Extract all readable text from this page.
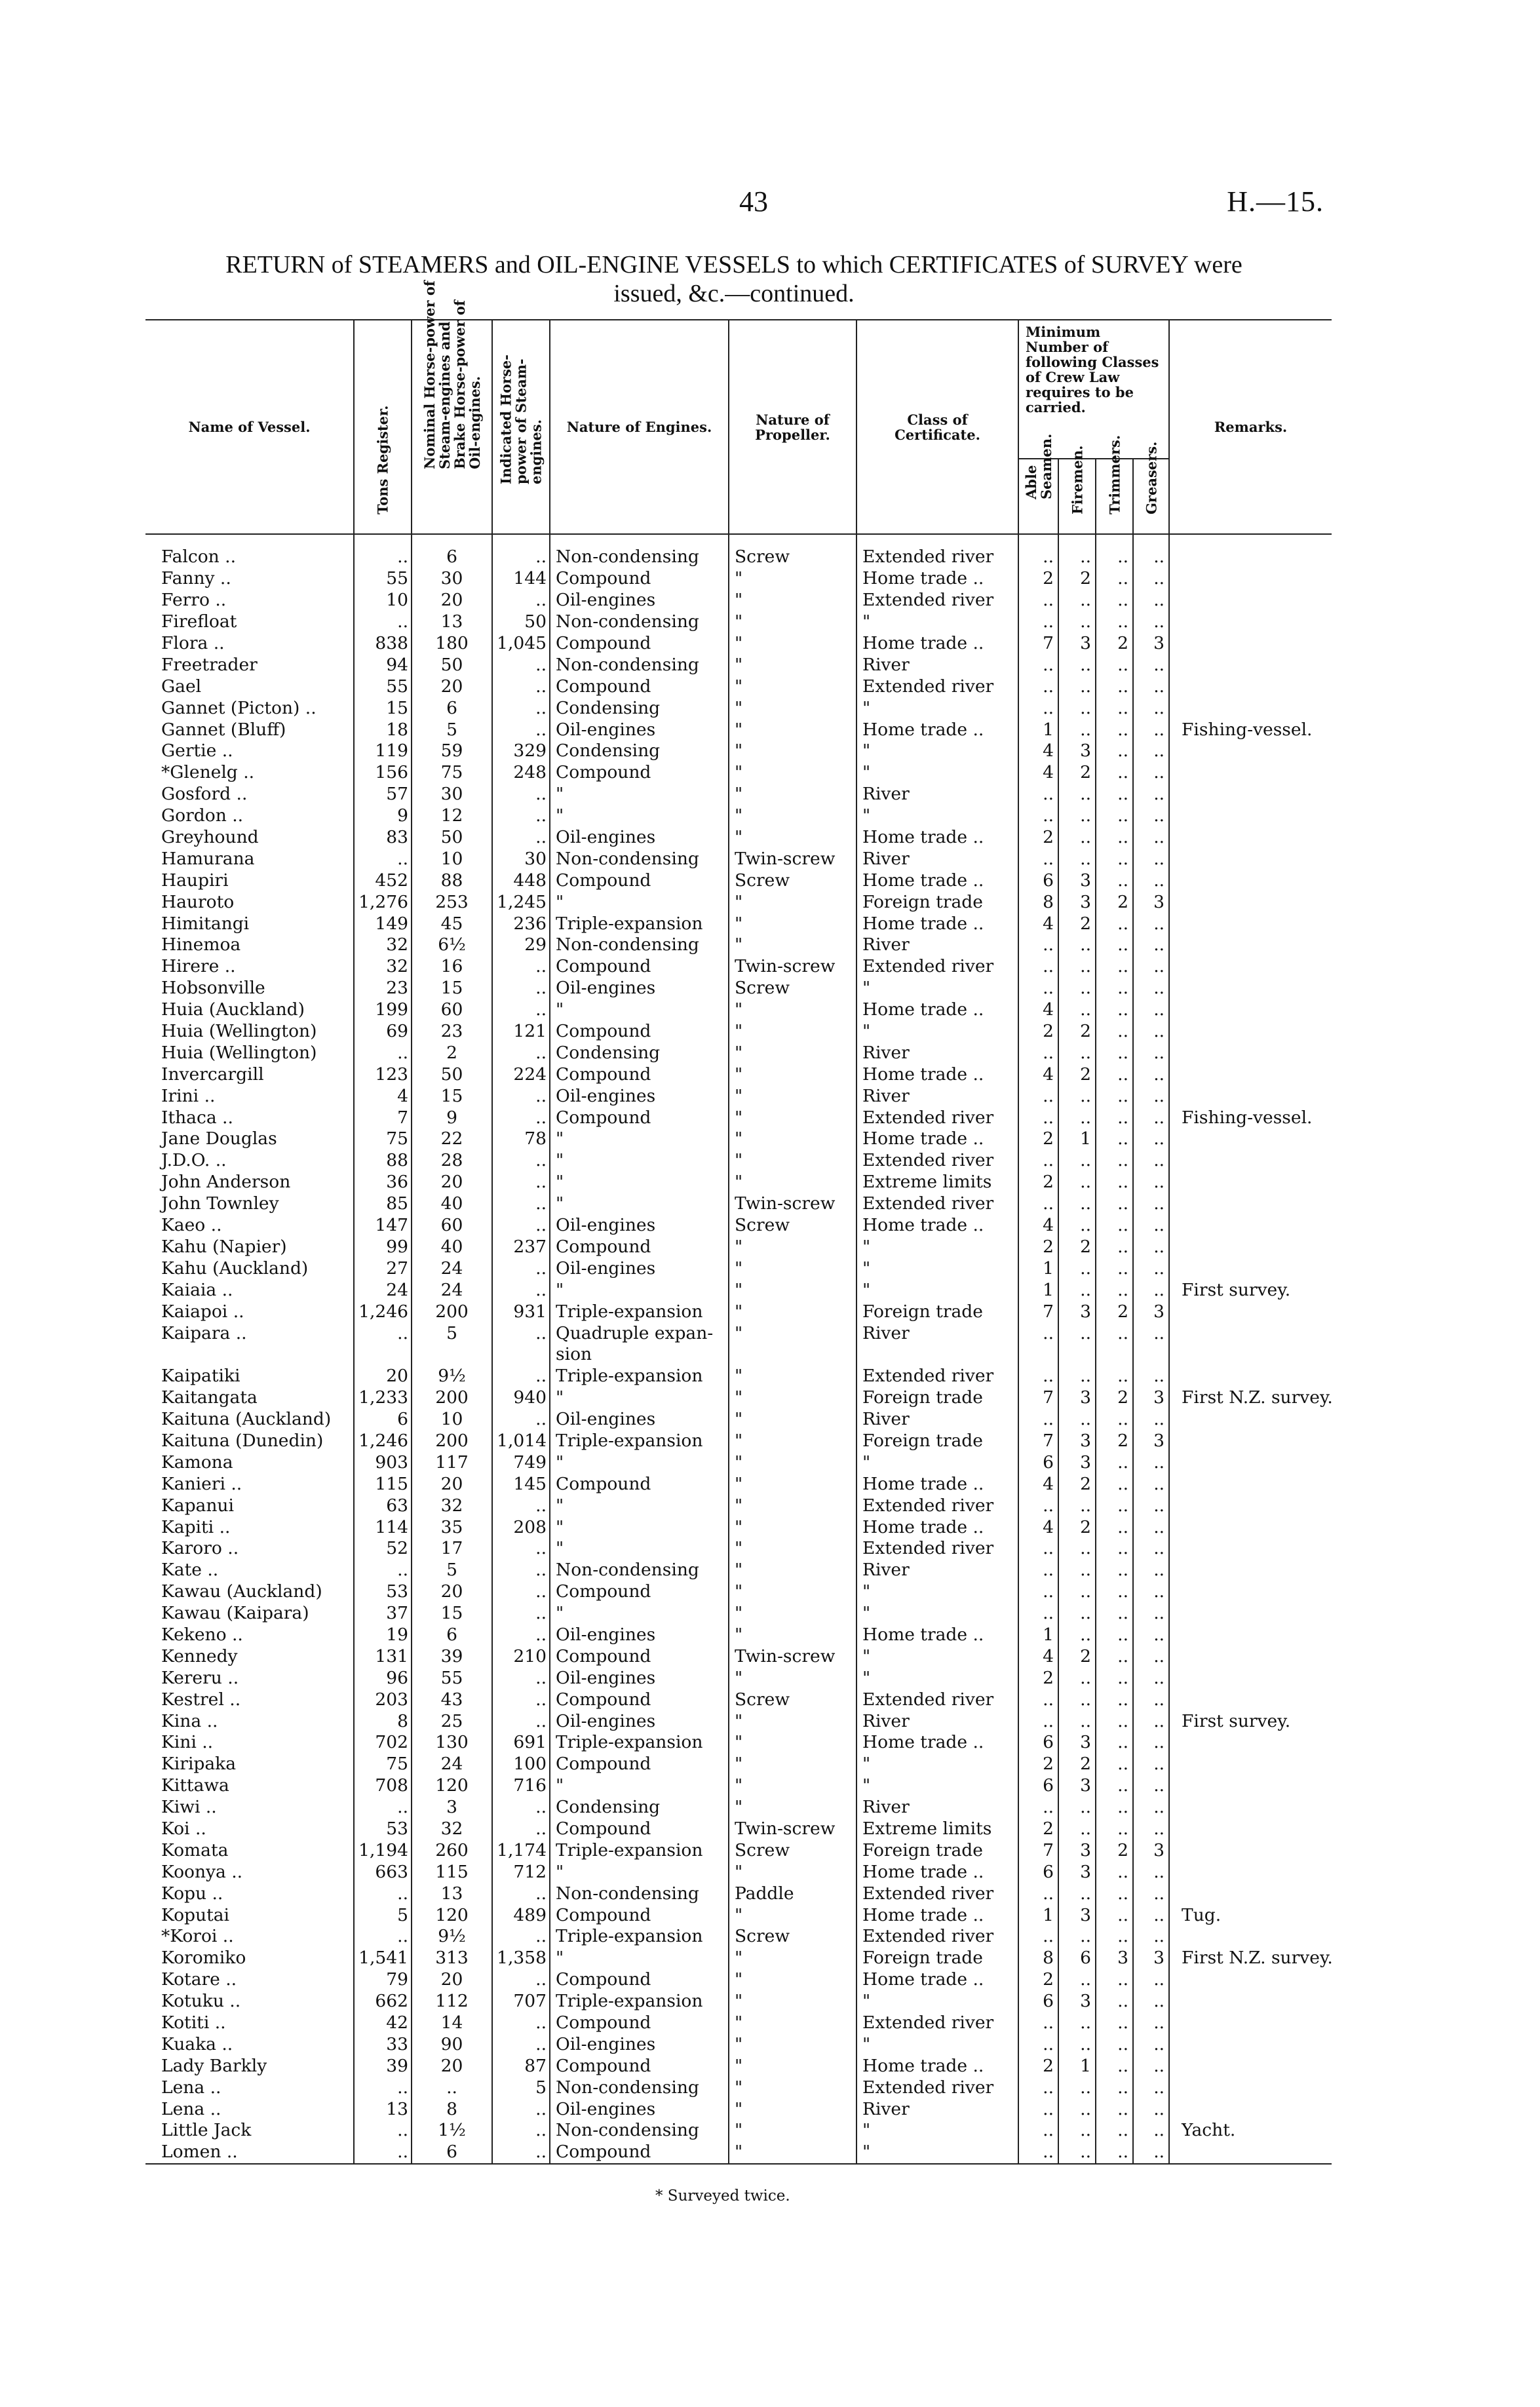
43	H.—15.
RETURN of STEAMERS and OIL-ENGINE VESSELS to which CERTIFICATES of SURVEY were
issued, &c.—continued.
Name of Vessel.	Tons Register.	Nominal Horse-power of Steam-engines and Brake Horse-power of Oil-engines.	Indicated Horse-power of Steam-engines.	Nature of Engines.	Nature of Propeller.	Class of Certificate.	Minimum Number of following Classes of Crew Law requires to be carried.				Remarks.

							Able Seamen.	Firemen.	Trimmers.	Greasers.	

Falcon ..	..	6	..	Non-condensing	Screw	Extended river	..	..	..	..	
Fanny ..	55	30	144	Compound	"	Home trade ..	2	2	..	..	
Ferro ..	10	20	..	Oil-engines	"	Extended river	..	..	..	..	
Firefloat	..	13	50	Non-condensing	"	"	..	..	..	..	
Flora ..	838	180	1,045	Compound	"	Home trade ..	7	3	2	3	
Freetrader	94	50	..	Non-condensing	"	River	..	..	..	..	
Gael	55	20	..	Compound	"	Extended river	..	..	..	..	
Gannet (Picton) ..	15	6	..	Condensing	"	"	..	..	..	..	
Gannet (Bluff)	18	5	..	Oil-engines	"	Home trade ..	1	..	..	..	Fishing-vessel.
Gertie ..	119	59	329	Condensing	"	"	4	3	..	..	
*Glenelg ..	156	75	248	Compound	"	"	4	2	..	..	
Gosford ..	57	30	..	"	"	River	..	..	..	..	
Gordon ..	9	12	..	"	"	"	..	..	..	..	
Greyhound	83	50	..	Oil-engines	"	Home trade ..	2	..	..	..	
Hamurana	..	10	30	Non-condensing	Twin-screw	River	..	..	..	..	
Haupiri	452	88	448	Compound	Screw	Home trade ..	6	3	..	..	
Hauroto	1,276	253	1,245	"	"	Foreign trade	8	3	2	3	
Himitangi	149	45	236	Triple-expansion	"	Home trade ..	4	2	..	..	
Hinemoa	32	6½	29	Non-condensing	"	River	..	..	..	..	
Hirere ..	32	16	..	Compound	Twin-screw	Extended river	..	..	..	..	
Hobsonville	23	15	..	Oil-engines	Screw	"	..	..	..	..	
Huia (Auckland)	199	60	..	"	"	Home trade ..	4	..	..	..	
Huia (Wellington)	69	23	121	Compound	"	"	2	2	..	..	
Huia (Wellington)	..	2	..	Condensing	"	River	..	..	..	..	
Invercargill	123	50	224	Compound	"	Home trade ..	4	2	..	..	
Irini ..	4	15	..	Oil-engines	"	River	..	..	..	..	
Ithaca ..	7	9	..	Compound	"	Extended river	..	..	..	..	Fishing-vessel.
Jane Douglas	75	22	78	"	"	Home trade ..	2	1	..	..	
J.D.O. ..	88	28	..	"	"	Extended river	..	..	..	..	
John Anderson	36	20	..	"	"	Extreme limits	2	..	..	..	
John Townley	85	40	..	"	Twin-screw	Extended river	..	..	..	..	
Kaeo ..	147	60	..	Oil-engines	Screw	Home trade ..	4	..	..	..	
Kahu (Napier)	99	40	237	Compound	"	"	2	2	..	..	
Kahu (Auckland)	27	24	..	Oil-engines	"	"	1	..	..	..	
Kaiaia ..	24	24	..	"	"	"	1	..	..	..	First survey.
Kaiapoi ..	1,246	200	931	Triple-expansion	"	Foreign trade	7	3	2	3	
Kaipara ..	..	5	..	Quadruple expan-	"	River	..	..	..	..	
				sion							
Kaipatiki	20	9½	..	Triple-expansion	"	Extended river	..	..	..	..	
Kaitangata	1,233	200	940	"	"	Foreign trade	7	3	2	3	First N.Z. survey.
Kaituna (Auckland)	6	10	..	Oil-engines	"	River	..	..	..	..	
Kaituna (Dunedin)	1,246	200	1,014	Triple-expansion	"	Foreign trade	7	3	2	3	
Kamona	903	117	749	"	"	"	6	3	..	..	
Kanieri ..	115	20	145	Compound	"	Home trade ..	4	2	..	..	
Kapanui	63	32	..	"	"	Extended river	..	..	..	..	
Kapiti ..	114	35	208	"	"	Home trade ..	4	2	..	..	
Karoro ..	52	17	..	"	"	Extended river	..	..	..	..	
Kate ..	..	5	..	Non-condensing	"	River	..	..	..	..	
Kawau (Auckland)	53	20	..	Compound	"	"	..	..	..	..	
Kawau (Kaipara)	37	15	..	"	"	"	..	..	..	..	
Kekeno ..	19	6	..	Oil-engines	"	Home trade ..	1	..	..	..	
Kennedy	131	39	210	Compound	Twin-screw	"	4	2	..	..	
Kereru ..	96	55	..	Oil-engines	"	"	2	..	..	..	
Kestrel ..	203	43	..	Compound	Screw	Extended river	..	..	..	..	
Kina ..	8	25	..	Oil-engines	"	River	..	..	..	..	First survey.
Kini ..	702	130	691	Triple-expansion	"	Home trade ..	6	3	..	..	
Kiripaka	75	24	100	Compound	"	"	2	2	..	..	
Kittawa	708	120	716	"	"	"	6	3	..	..	
Kiwi ..	..	3	..	Condensing	"	River	..	..	..	..	
Koi ..	53	32	..	Compound	Twin-screw	Extreme limits	2	..	..	..	
Komata	1,194	260	1,174	Triple-expansion	Screw	Foreign trade	7	3	2	3	
Koonya ..	663	115	712	"	"	Home trade ..	6	3	..	..	
Kopu ..	..	13	..	Non-condensing	Paddle	Extended river	..	..	..	..	
Koputai	5	120	489	Compound	"	Home trade ..	1	3	..	..	Tug.
*Koroi ..	..	9½	..	Triple-expansion	Screw	Extended river	..	..	..	..	
Koromiko	1,541	313	1,358	"	"	Foreign trade	8	6	3	3	First N.Z. survey.
Kotare ..	79	20	..	Compound	"	Home trade ..	2	..	..	..	
Kotuku ..	662	112	707	Triple-expansion	"	"	6	3	..	..	
Kotiti ..	42	14	..	Compound	"	Extended river	..	..	..	..	
Kuaka ..	33	90	..	Oil-engines	"	"	..	..	..	..	
Lady Barkly	39	20	87	Compound	"	Home trade ..	2	1	..	..	
Lena ..	..	..	5	Non-condensing	"	Extended river	..	..	..	..	
Lena ..	13	8	..	Oil-engines	"	River	..	..	..	..	
Little Jack	..	1½	..	Non-condensing	"	"	..	..	..	..	Yacht.
Lomen ..	..	6	..	Compound	"	"	..	..	..	..	
* Surveyed twice.
